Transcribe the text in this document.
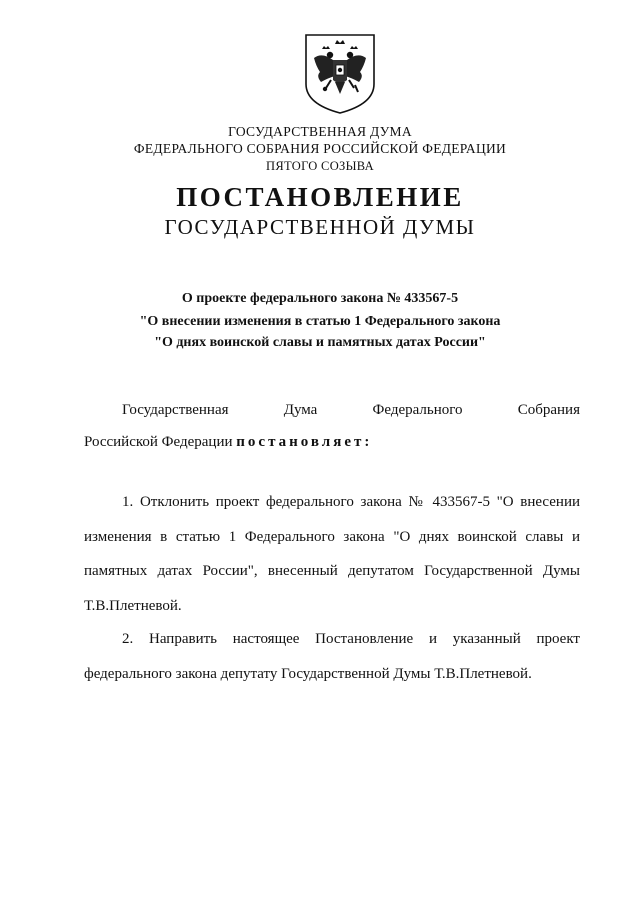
ГОСУДАРСТВЕННАЯ ДУМА
ФЕДЕРАЛЬНОГО СОБРАНИЯ РОССИЙСКОЙ ФЕДЕРАЦИИ
ПЯТОГО СОЗЫВА
ПОСТАНОВЛЕНИЕ
ГОСУДАРСТВЕННОЙ ДУМЫ
О проекте федерального закона № 433567-5
"О внесении изменения в статью 1 Федерального закона
"О днях воинской славы и памятных датах России"
Государственная Дума Федерального Собрания
Российской Федерации постановляет:
1. Отклонить проект федерального закона № 433567-5 "О внесении
изменения в статью 1 Федерального закона "О днях воинской славы и
памятных датах России", внесенный депутатом Государственной Думы
Т.В.Плетневой.
2. Направить настоящее Постановление и указанный проект
федерального закона депутату Государственной Думы Т.В.Плетневой.
